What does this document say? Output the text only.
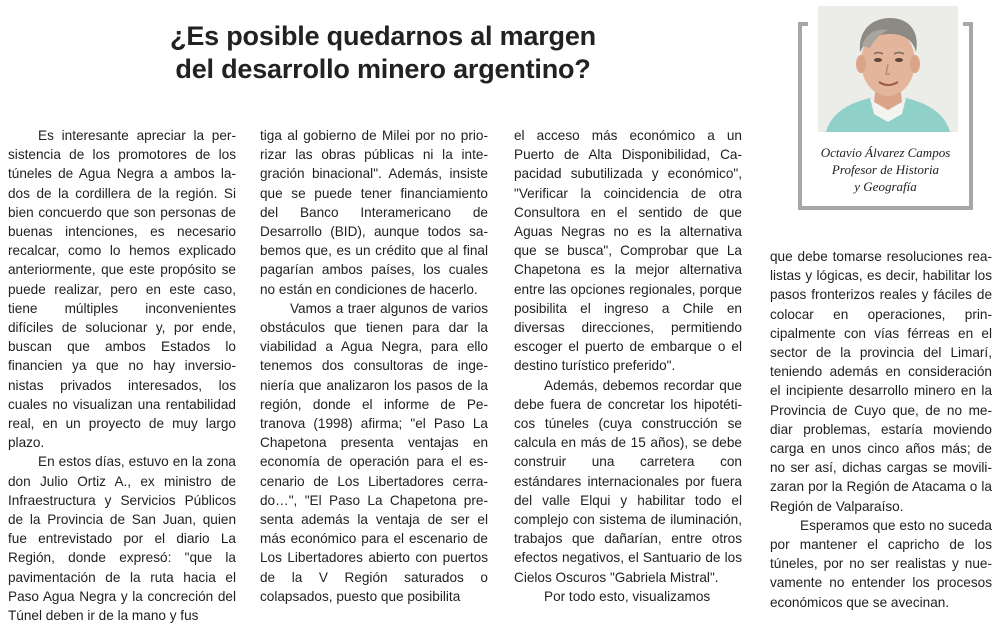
¿Es posible quedarnos al margen
del desarrollo minero argentino?
Octavio Álvarez Campos
Profesor de Historia
y Geografía

Es interesante apreciar la persistencia de los promotores de los túneles de Agua Negra a ambos lados de la cordillera de la región. Si bien concuerdo que son personas de buenas intenciones, es necesario recalcar, como lo hemos explicado anteriormente, que este propósito se puede realizar, pero en este caso, tiene múltiples inconvenientes difíciles de solucionar y, por ende, buscan que ambos Estados lo financien ya que no hay inversionistas privados interesados, los cuales no visualizan una rentabilidad real, en un proyecto de muy largo plazo.

En estos días, estuvo en la zona don Julio Ortiz A., ex ministro de Infraestructura y Servicios Públicos de la Provincia de San Juan, quien fue entrevistado por el diario La Región, donde expresó: "que la pavimentación de la ruta hacia el Paso Agua Negra y la concreción del Túnel deben ir de la mano y fus

tiga al gobierno de Milei por no priorizar las obras públicas ni la integración binacional". Además, insiste que se puede tener financiamiento del Banco Interamericano de Desarrollo (BID), aunque todos sabemos que, es un crédito que al final pagarían ambos países, los cuales no están en condiciones de hacerlo.

Vamos a traer algunos de varios obstáculos que tienen para dar la viabilidad a Agua Negra, para ello tenemos dos consultoras de ingeniería que analizaron los pasos de la región, donde el informe de Petranova (1998) afirma; "el Paso La Chapetona presenta ventajas en economía de operación para el escenario de Los Libertadores cerrado…", "El Paso La Chapetona presenta además la ventaja de ser el más económico para el escenario de Los Libertadores abierto con puertos de la V Región saturados o colapsados, puesto que posibilita

el acceso más económico a un Puerto de Alta Disponibilidad, Capacidad subutilizada y económico", "Verificar la coincidencia de otra Consultora en el sentido de que Aguas Negras no es la alternativa que se busca", Comprobar que La Chapetona es la mejor alternativa entre las opciones regionales, porque posibilita el ingreso a Chile en diversas direcciones, permitiendo escoger el puerto de embarque o el destino turístico preferido".

Además, debemos recordar que debe fuera de concretar los hipotéticos túneles (cuya construcción se calcula en más de 15 años), se debe construir una carretera con estándares internacionales por fuera del valle Elqui y habilitar todo el complejo con sistema de iluminación, trabajos que dañarían, entre otros efectos negativos, el Santuario de los Cielos Oscuros "Gabriela Mistral".

Por todo esto, visualizamos

que debe tomarse resoluciones realistas y lógicas, es decir, habilitar los pasos fronterizos reales y fáciles de colocar en operaciones, principalmente con vías férreas en el sector de la provincia del Limarí, teniendo además en consideración el incipiente desarrollo minero en la Provincia de Cuyo que, de no mediar problemas, estaría moviendo carga en unos cinco años más; de no ser así, dichas cargas se movilizaran por la Región de Atacama o la Región de Valparaíso.

Esperamos que esto no suceda por mantener el capricho de los túneles, por no ser realistas y nuevamente no entender los procesos económicos que se avecinan.
